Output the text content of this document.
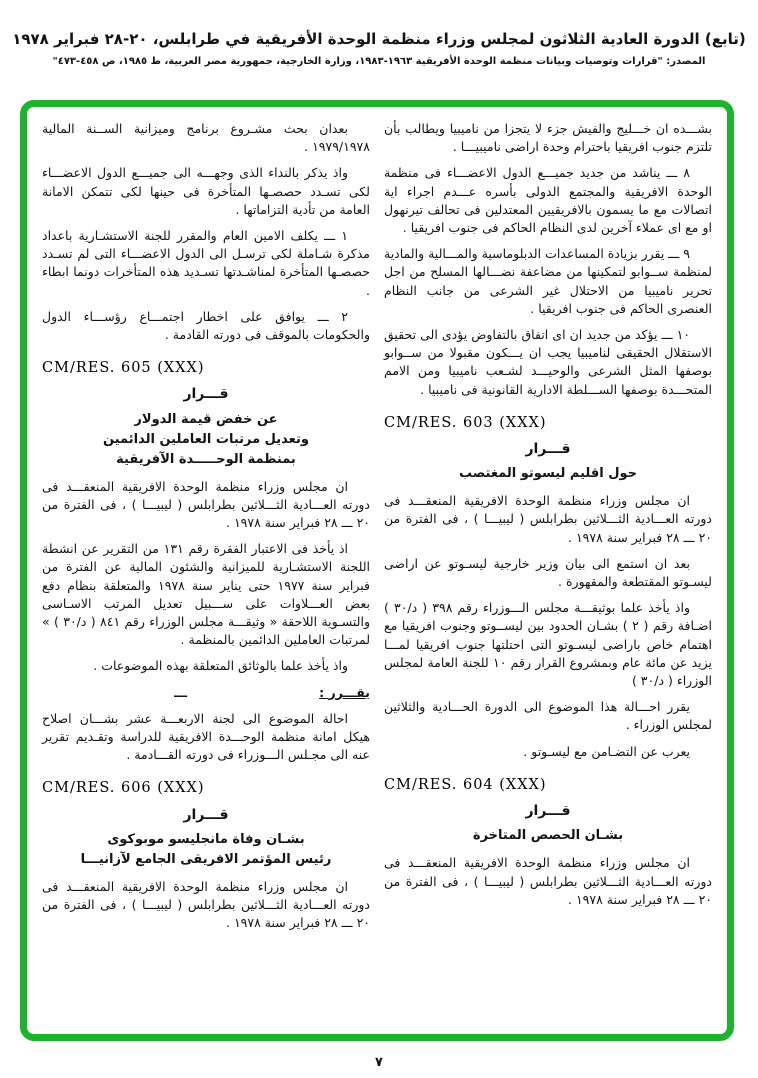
(تابع) الدورة العادية الثلاثون لمجلس وزراء منظمة الوحدة الأفريقية في طرابلس، ٢٠-٢٨ فبراير ١٩٧٨
المصدر: "قرارات وتوصيات وبيانات منظمة الوحدة الأفريقية ١٩٦٣-١٩٨٣، وزارة الخارجية، جمهورية مصر العربية، ط ١٩٨٥، ص ٤٥٨-٤٧٣"
بشـــده ان خـــليج والفيش جزء لا يتجزا من ناميبيا ويطالب بأن تلتزم جنوب افريقيا باحترام وحدة اراضى ناميبيـــا .
٨ ـــ يناشد من جديد جميـــع الدول الاعضـــاء فى منظمة الوحدة الافريقية والمجتمع الدولى بأسره عـــدم اجراء اية اتصالات مع ما يسمون بالافريقيين المعتدلين فى تحالف تيرنهول او مع اى عملاء آخرين لدى النظام الحاكم فى جنوب افريقيا .
٩ ـــ يقرر بزيادة المساعدات الدبلوماسية والمـــالية والمادية لمنظمة ســوابو لتمكينها من مضاعفة نضـــالها المسلح من اجل تحرير ناميبيا من الاحتلال غير الشرعى من جانب النظام العنصرى الحاكم فى جنوب افريقيا .
١٠ ـــ يؤكد من جديد ان اى اتفاق بالتفاوض يؤدى الى تحقيق الاستقلال الحقيقى لناميبيا يجب ان يـــكون مقبولا من ســوابو بوصفها المثل الشرعى والوحيـــد لشـعب ناميبيا ومن الامم المتحـــدة بوصفها الســـلطة الادارية القانونية فى ناميبيا .
CM/RES. 603 (XXX)
قـــرار
حول اقليم ليسوتو المغتصب
ان مجلس وزراء منظمة الوحدة الافريقية المنعقـــد فى دورته العـــادية الثـــلاثين بطرابلس ( ليبيـــا ) ، فى الفترة من ٢٠ ـــ ٢٨ فبراير سنة ١٩٧٨ .
بعد ان استمع الى بيان وزير خارجية ليسـوتو عن اراضى ليسـوتو المقتطعة والمقهورة .
واذ يأخذ علما بوثيقـــة مجلس الـــوزراء رقم ٣٩٨ ( د/٣٠ ) اضـافة رقم ( ٢ ) بشـان الحدود بين ليســوتو وجنوب افريقيا مع اهتمام خاص باراضى ليسـوتو التى احتلتها جنوب افريقيا لمـــا يزيد عن مائة عام وبمشروع القرار رقم ١٠ للجنة العامة لمجلس الوزراء ( د/٣٠ )
يقرر احـــالة هذا الموضوع الى الدورة الحـــادية والثلاثين لمجلس الوزراء .
يعرب عن التضـامن مع ليسـوتو .
CM/RES. 604 (XXX)
قـــرار
بشـان الحصص المتاخرة
ان مجلس وزراء منظمة الوحدة الافريقية المنعقـــد فى دورته العـــادية الثـــلاثين بطرابلس ( ليبيـــا ) ، فى الفترة من ٢٠ ـــ ٢٨ فبراير سنة ١٩٧٨ .
بعدان بحث مشـروع برنامج وميزانية الســنة المالية ١٩٧٩/١٩٧٨ .
واذ يذكر بالنداء الذى وجهـــه الى جميـــع الدول الاعضـــاء لكى تسـدد حصصـها المتأخرة فى حينها لكى تتمكن الامانة العامة من تأدية التزاماتها .
١ ـــ يكلف الامين العام والمقرر للجنة الاستشـارية باعداد مذكرة شـاملة لكى ترسـل الى الدول الاعضـــاء التى لم تسـدد حصصـها المتأخرة لمناشـدتها تسـديد هذه المتأخرات دونما ابطاء .
٢ ـــ يوافق على اخطار اجتمـــاع رؤســـاء الدول والحكومات بالموقف فى دورته القادمة .
CM/RES. 605 (XXX)
قـــرار
عن خفض قيمة الدولار
وتعديل مرتبات العاملين الدائمين
بمنظمة الوحـــــدة الآفريقية
ان مجلس وزراء منظمة الوحدة الافريقية المنعقـــد فى دورته العـــادية الثـــلاثين بطرابلس ( ليبيـــا ) ، فى الفترة من ٢٠ ـــ ٢٨ فبراير سنة ١٩٧٨ .
اذ يأخذ فى الاعتبار الفقرة رقم ١٣١ من التقرير عن انشطة اللجنة الاستشـارية للميزانية والشئون المالية عن الفترة من فبراير سنة ١٩٧٧ حتى يناير سنة ١٩٧٨ والمتعلقة بنظام دفع بعض العـــلاوات على ســـبيل تعديل المرتب الاسـاسى والتسـوية اللاحقة « وثيقـــة مجلس الوزراء رقم ٨٤١ ( د/٣٠ ) » لمرتبات العاملين الدائمين بالمنظمة .
واذ يأخذ علما بالوثائق المتعلقة بهذه الموضوعات .
يقـــرر :
ـــ
احالة الموضوع الى لجنة الاربعـــة عشر بشـــان اصلاح هيكل امانة منظمة الوحـــدة الافريقية للدراسة وتقـديم تقرير عنه الى مجـلس الـــوزراء فى دورته القـــادمة .
CM/RES. 606 (XXX)
قـــرار
بشـان وفاة مانجليسو موبوكوى
رئيس المؤتمر الافريقى الجامع لآزانيـــا
ان مجلس وزراء منظمة الوحدة الافريقية المنعقـــد فى دورته العـــادية الثـــلاثين بطرابلس ( ليبيـــا ) ، فى الفترة من ٢٠ ـــ ٢٨ فبراير سنة ١٩٧٨ .
٧
